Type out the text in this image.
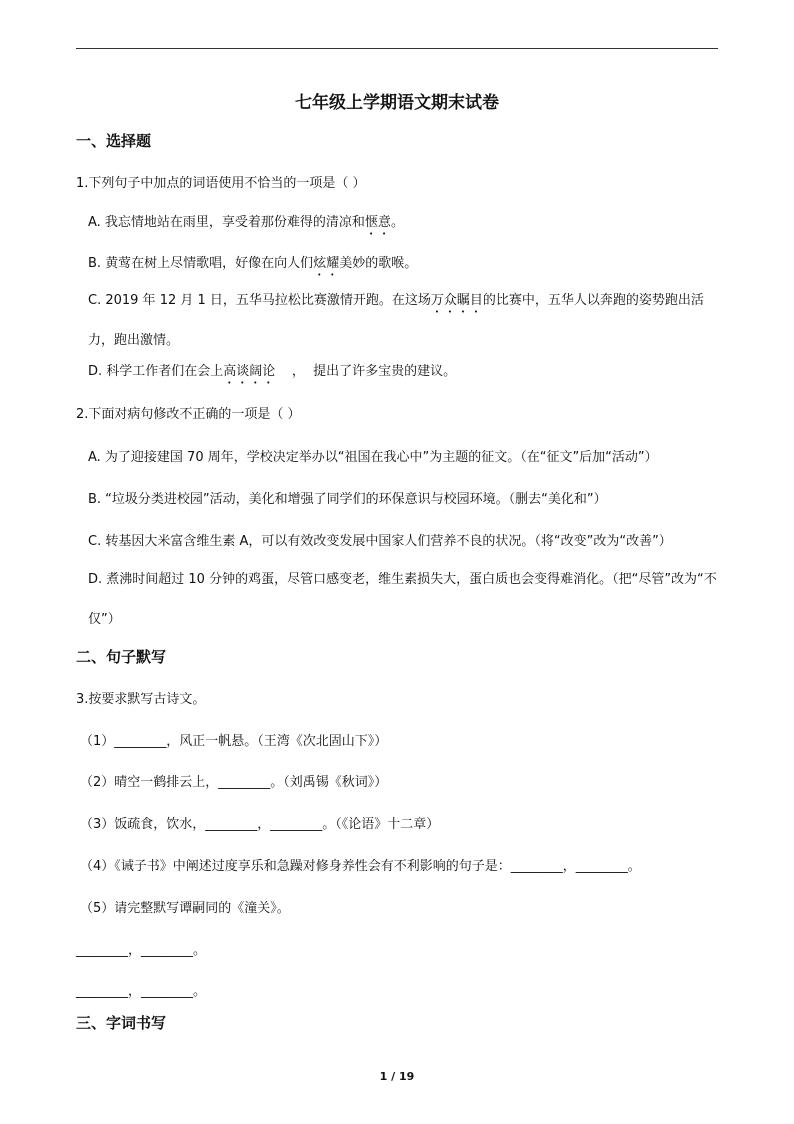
七年级上学期语文期末试卷
一、选择题
1.下列句子中加点的词语使用不恰当的一项是（ ）
A. 我忘情地站在雨里，享受着那份难得的清凉和惬意。
B. 黄莺在树上尽情歌唱，好像在向人们炫耀美妙的歌喉。
C. 2019 年 12 月 1 日，五华马拉松比赛激情开跑。在这场万众瞩目的比赛中，五华人以奔跑的姿势跑出活力，跑出激情。
D. 科学工作者们在会上高谈阔论    ，  提出了许多宝贵的建议。
2.下面对病句修改不正确的一项是（ ）
A. 为了迎接建国 70 周年，学校决定举办以“祖国在我心中”为主题的征文。（在“征文”后加“活动”）
B. “垃圾分类进校园”活动，美化和增强了同学们的环保意识与校园环境。（删去“美化和”）
C. 转基因大米富含维生素 A，可以有效改变发展中国家人们营养不良的状况。（将“改变”改为“改善”）
D. 煮沸时间超过 10 分钟的鸡蛋，尽管口感变老，维生素损失大，蛋白质也会变得难消化。（把“尽管”改为“不仅”）
二、句子默写
3.按要求默写古诗文。
（1）________，风正一帆悬。（王湾《次北固山下》）
（2）晴空一鹤排云上，________。（刘禹锡《秋词》）
（3）饭疏食，饮水，________，________。（《论语》十二章）
（4）《诫子书》中阐述过度享乐和急躁对修身养性会有不利影响的句子是：________，________。
（5）请完整默写谭嗣同的《潼关》。
________，________。
________，________。
三、字词书写
1 / 19
